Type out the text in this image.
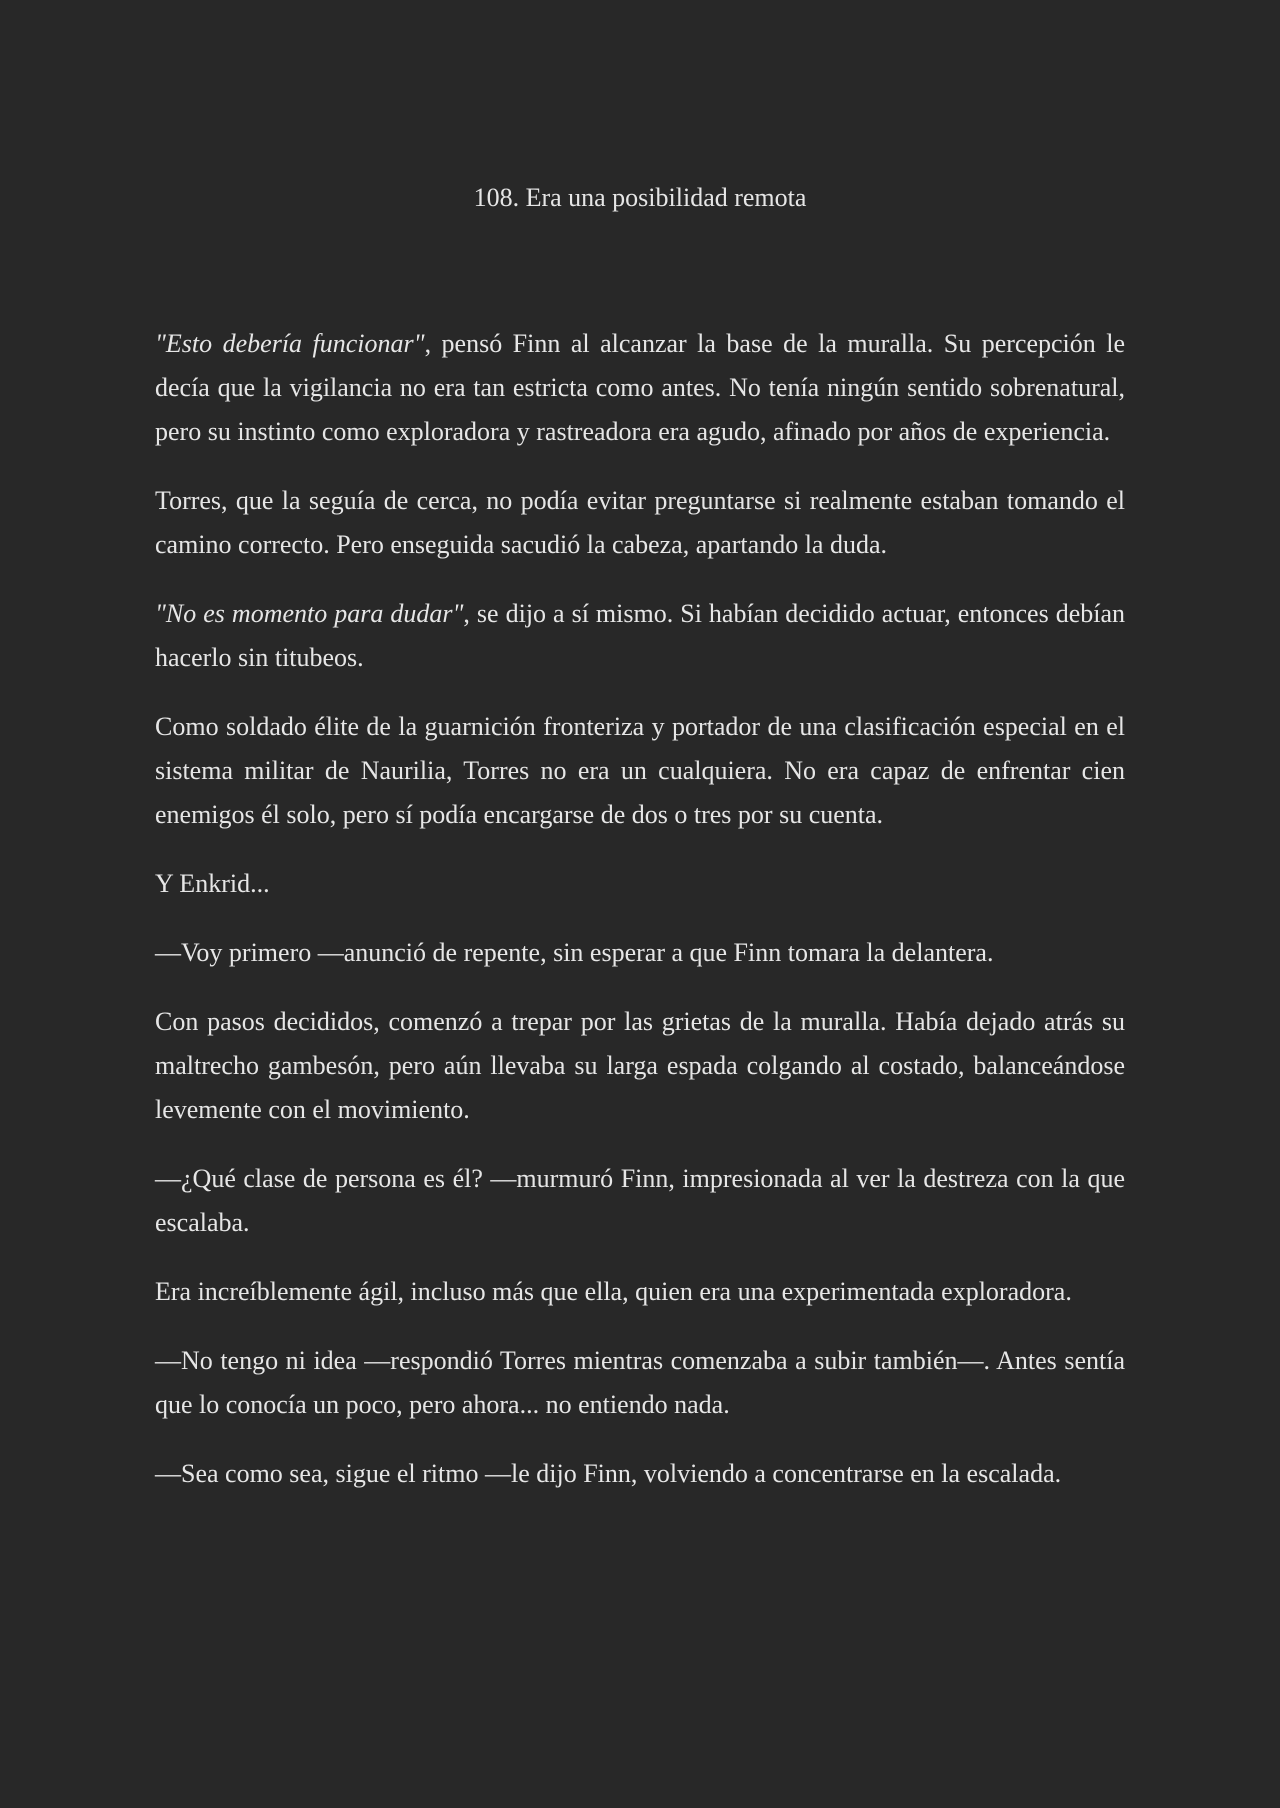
108. Era una posibilidad remota

"Esto debería funcionar", pensó Finn al alcanzar la base de la muralla. Su percepción le decía que la vigilancia no era tan estricta como antes. No tenía ningún sentido sobrenatural, pero su instinto como exploradora y rastreadora era agudo, afinado por años de experiencia.

Torres, que la seguía de cerca, no podía evitar preguntarse si realmente estaban tomando el camino correcto. Pero enseguida sacudió la cabeza, apartando la duda.

"No es momento para dudar", se dijo a sí mismo. Si habían decidido actuar, entonces debían hacerlo sin titubeos.

Como soldado élite de la guarnición fronteriza y portador de una clasificación especial en el sistema militar de Naurilia, Torres no era un cualquiera. No era capaz de enfrentar cien enemigos él solo, pero sí podía encargarse de dos o tres por su cuenta.

Y Enkrid...

—Voy primero —anunció de repente, sin esperar a que Finn tomara la delantera.

Con pasos decididos, comenzó a trepar por las grietas de la muralla. Había dejado atrás su maltrecho gambesón, pero aún llevaba su larga espada colgando al costado, balanceándose levemente con el movimiento.

—¿Qué clase de persona es él? —murmuró Finn, impresionada al ver la destreza con la que escalaba.

Era increíblemente ágil, incluso más que ella, quien era una experimentada exploradora.

—No tengo ni idea —respondió Torres mientras comenzaba a subir también—. Antes sentía que lo conocía un poco, pero ahora... no entiendo nada.

—Sea como sea, sigue el ritmo —le dijo Finn, volviendo a concentrarse en la escalada.
